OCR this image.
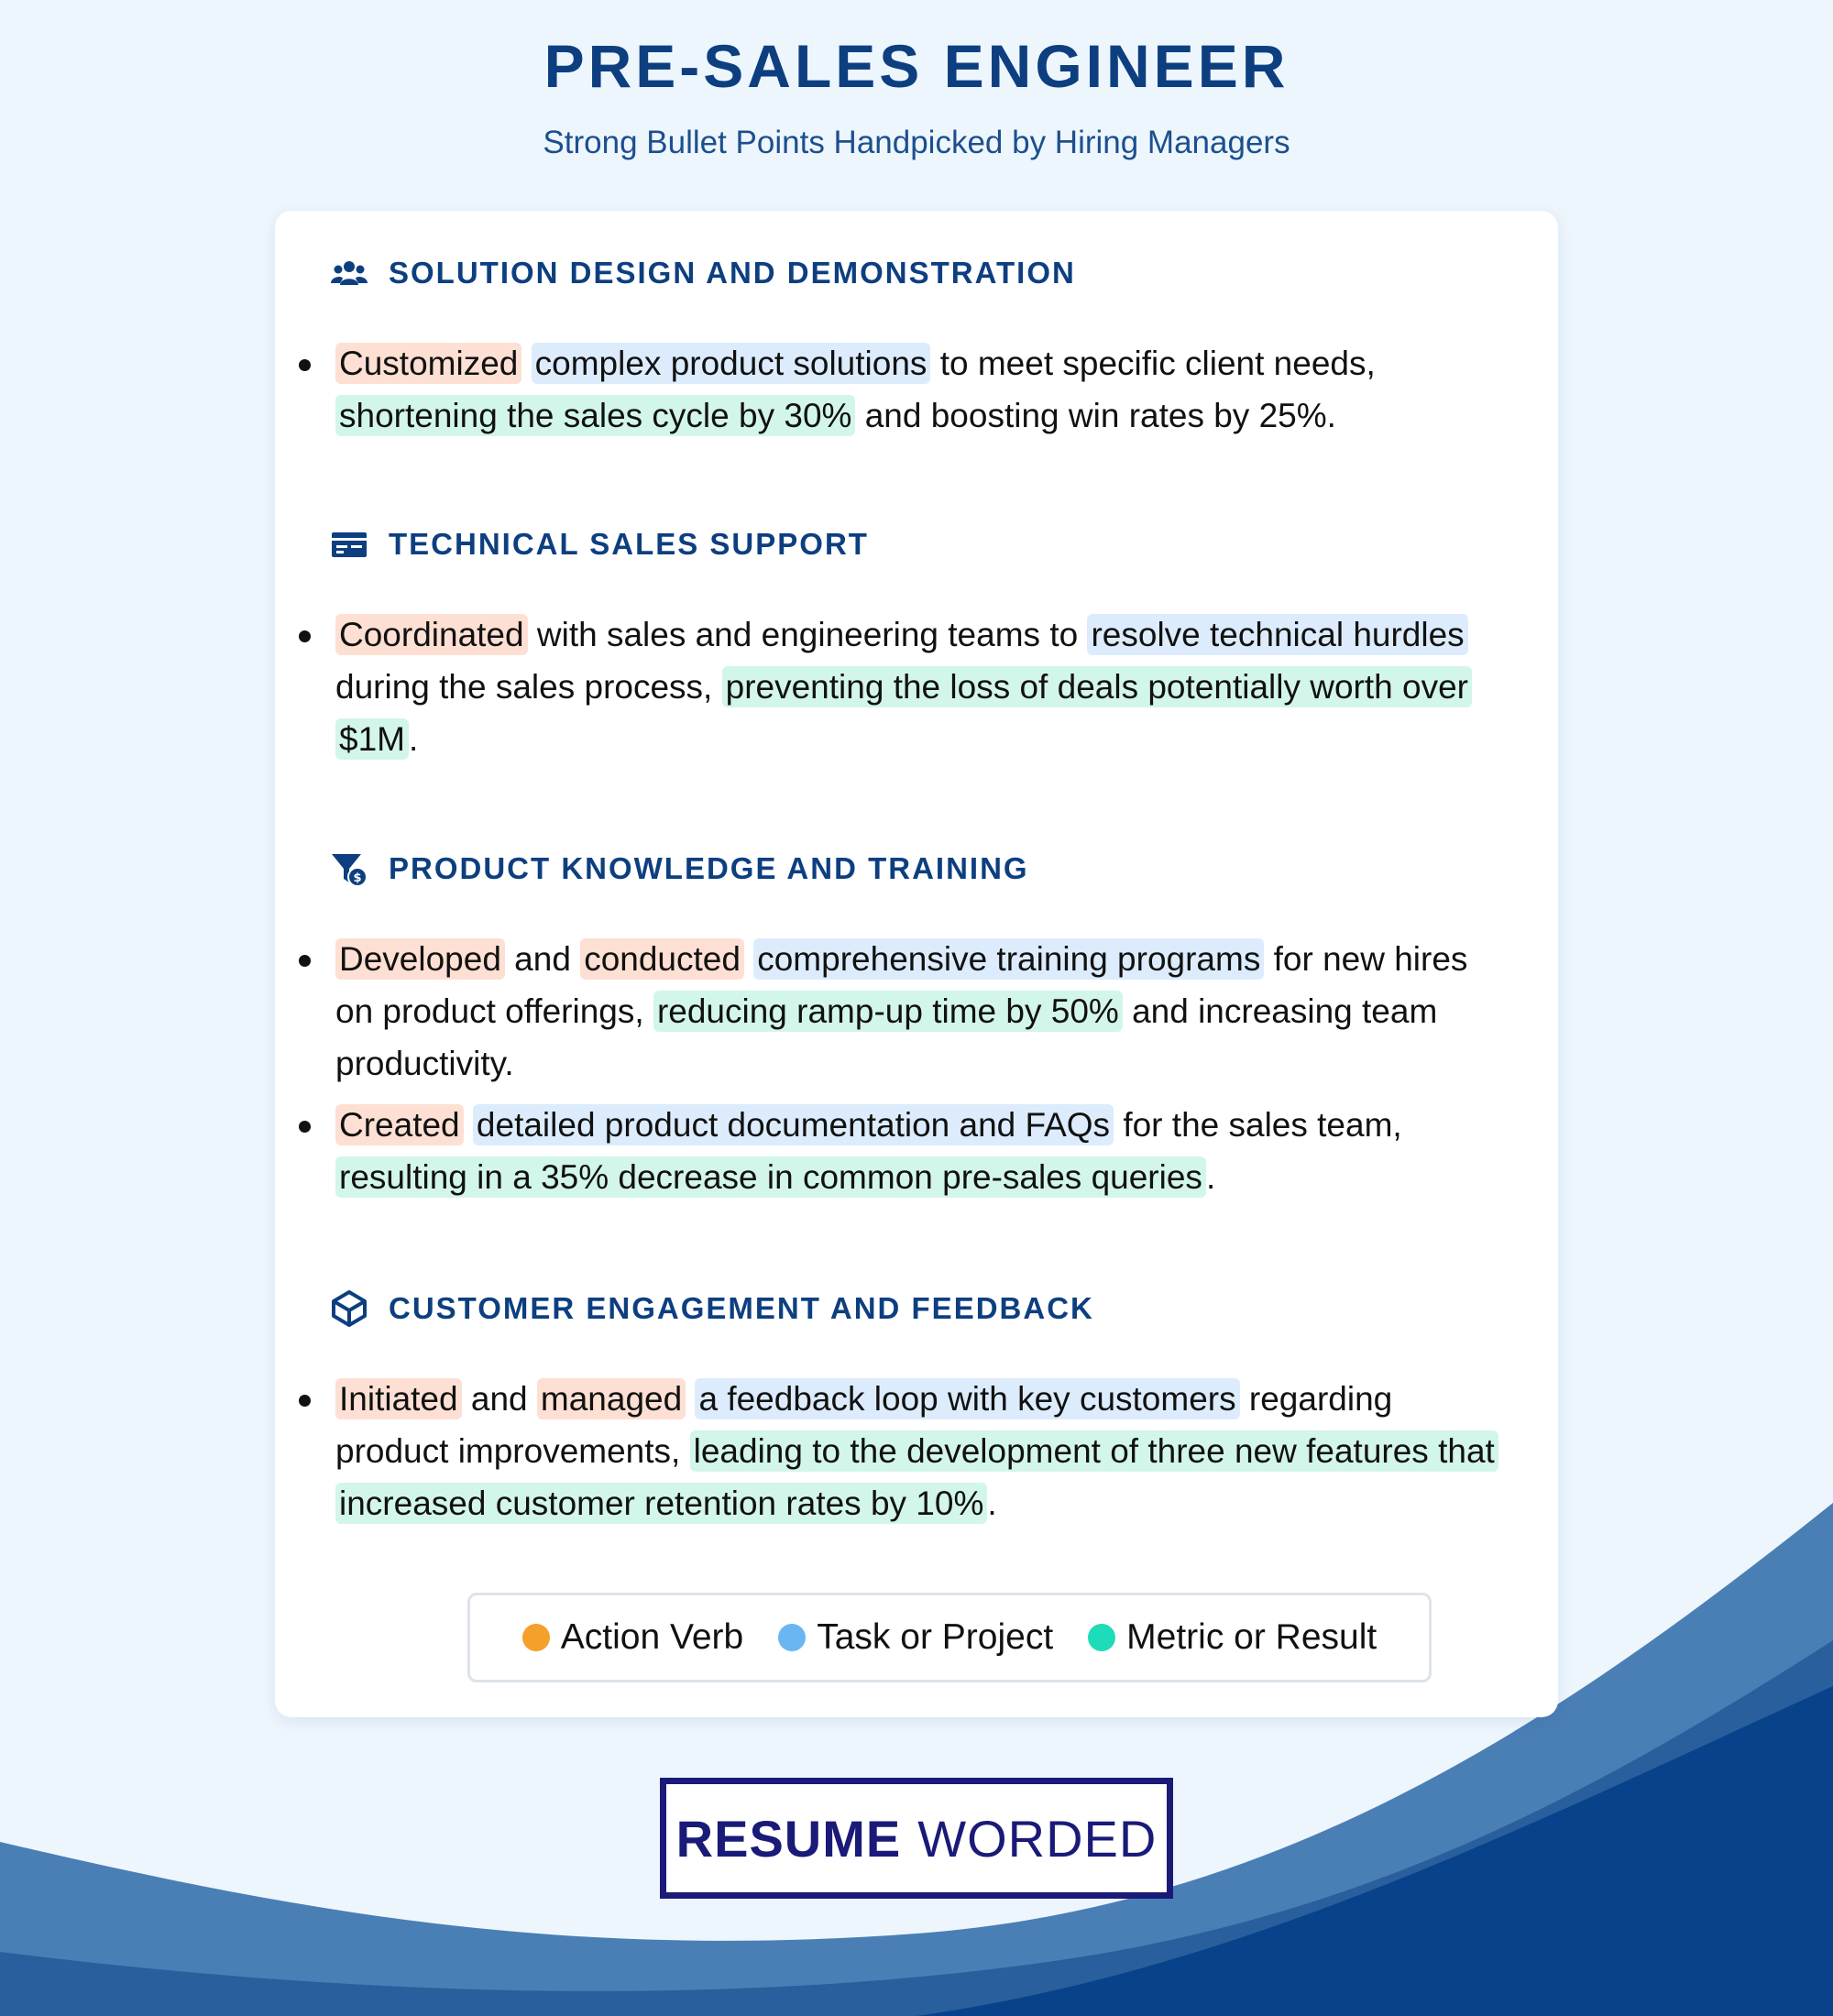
PRE-SALES ENGINEER
Strong Bullet Points Handpicked by Hiring Managers
SOLUTION DESIGN AND DEMONSTRATION
Customized complex product solutions to meet specific client needs, shortening the sales cycle by 30% and boosting win rates by 25%.
TECHNICAL SALES SUPPORT
Coordinated with sales and engineering teams to resolve technical hurdles during the sales process, preventing the loss of deals potentially worth over $1M .
$ PRODUCT KNOWLEDGE AND TRAINING
Developed and conducted comprehensive training programs for new hires on product offerings, reducing ramp-up time by 50% and increasing team productivity.
Created detailed product documentation and FAQs for the sales team, resulting in a 35% decrease in common pre-sales queries .
CUSTOMER ENGAGEMENT AND FEEDBACK
Initiated and managed a feedback loop with key customers regarding product improvements, leading to the development of three new features that increased customer retention rates by 10% .
Action Verb Task or Project Metric or Result
RESUME WORDED
